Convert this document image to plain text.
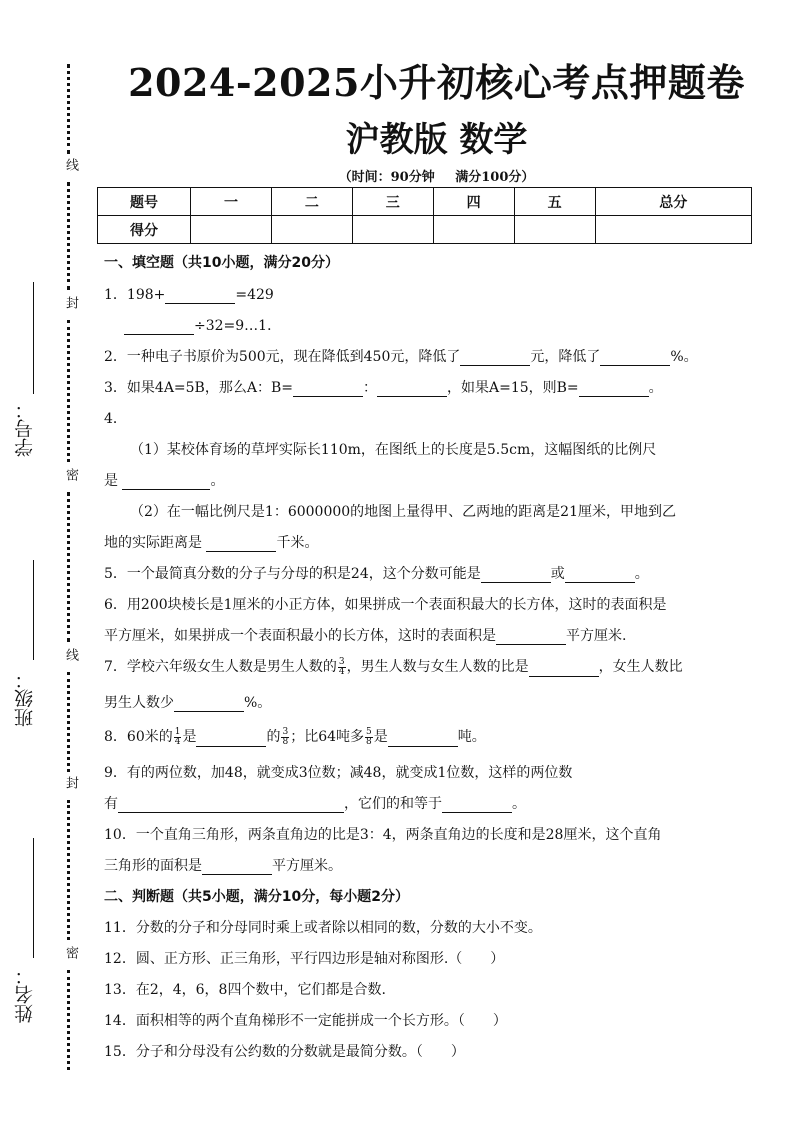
线
封
密
线
封
密
学号：
班级：
姓名：
2024-2025小升初核心考点押题卷
沪教版 数学
（时间：90分钟 满分100分）
题号	一	二	三	四	五	总分
得分						
一、填空题（共10小题，满分20分）
1．198+	=429
÷32=9…1．
2．一种电子书原价为500元，现在降低到450元，降低了	元，降低了	%。
3．如果4A=5B，那么A：B=	：	，如果A=15，则B=	。
4．
（1）某校体育场的草坪实际长110m，在图纸上的长度是5.5cm，这幅图纸的比例尺
是	。
（2）在一幅比例尺是1：6000000的地图上量得甲、乙两地的距离是21厘米，甲地到乙
地的实际距离是	千米。
5．一个最简真分数的分子与分母的积是24，这个分数可能是	或	。
6．用200块棱长是1厘米的小正方体，如果拼成一个表面积最大的长方体，这时的表面积是
平方厘米，如果拼成一个表面积最小的长方体，这时的表面积是	平方厘米.
7．学校六年级女生人数是男生人数的 $\frac{3}{4}$ ，男生人数与女生人数的比是	，女生人数比
男生人数少	%。
8．60米的 $\frac{1}{4}$ 是	的 $\frac{3}{8}$ ；比64吨多 $\frac{5}{8}$ 是	吨。
9．有的两位数，加48，就变成3位数；减48，就变成1位数，这样的两位数
有	，它们的和等于	。
10．一个直角三角形，两条直角边的比是3：4，两条直角边的长度和是28厘米，这个直角
三角形的面积是	平方厘米。
二、判断题（共5小题，满分10分，每小题2分）
11．分数的分子和分母同时乘上或者除以相同的数，分数的大小不变。
12．圆、正方形、正三角形，平行四边形是轴对称图形.（　　）
13．在2，4，6，8四个数中，它们都是合数.
14．面积相等的两个直角梯形不一定能拼成一个长方形。（　　）
15．分子和分母没有公约数的分数就是最简分数。（　　）
